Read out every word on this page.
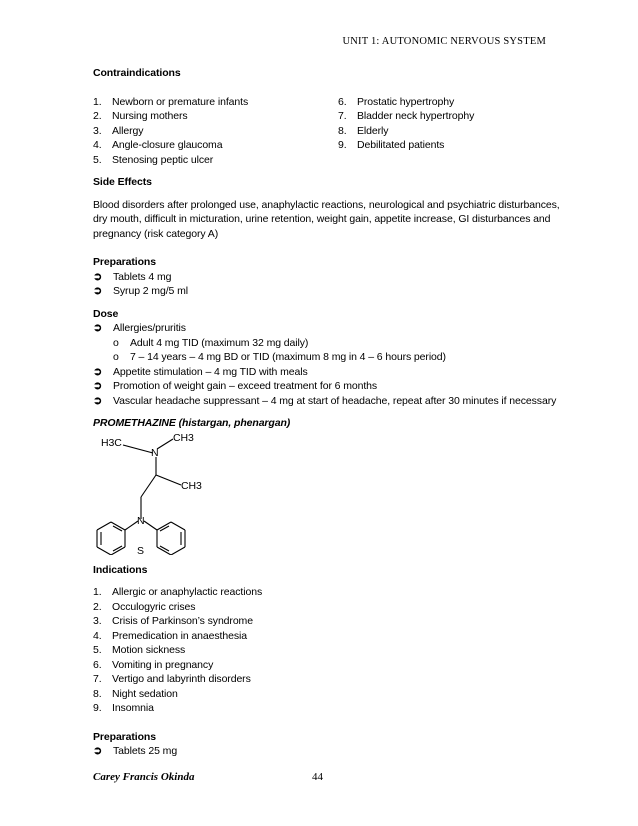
UNIT 1: AUTONOMIC NERVOUS SYSTEM
Contraindications
1. Newborn or premature infants
2. Nursing mothers
3. Allergy
4. Angle-closure glaucoma
5. Stenosing peptic ulcer
6. Prostatic hypertrophy
7. Bladder neck hypertrophy
8. Elderly
9. Debilitated patients
Side Effects
Blood disorders after prolonged use, anaphylactic reactions, neurological and psychiatric disturbances, dry mouth, difficult in micturation, urine retention, weight gain, appetite increase, GI disturbances and pregnancy (risk category A)
Preparations
➲	Tablets 4 mg
➲	Syrup 2 mg/5 ml
Dose
➲	Allergies/pruritis
o	Adult 4 mg TID (maximum 32 mg daily)
o	7 – 14 years – 4 mg BD or TID (maximum 8 mg in 4 – 6 hours period)
➲	Appetite stimulation – 4 mg TID with meals
➲	Promotion of weight gain – exceed treatment for 6 months
➲	Vascular headache suppressant – 4 mg at start of headache, repeat after 30 minutes if necessary
PROMETHAZINE (histargan, phenargan)
H3C
N
CH3
CH3
N
S
Indications
1. Allergic or anaphylactic reactions
2. Occulogyric crises
3. Crisis of Parkinson’s syndrome
4. Premedication in anaesthesia
5. Motion sickness
6. Vomiting in pregnancy
7. Vertigo and labyrinth disorders
8. Night sedation
9. Insomnia
Preparations
➲	Tablets 25 mg
Carey Francis Okinda	44
